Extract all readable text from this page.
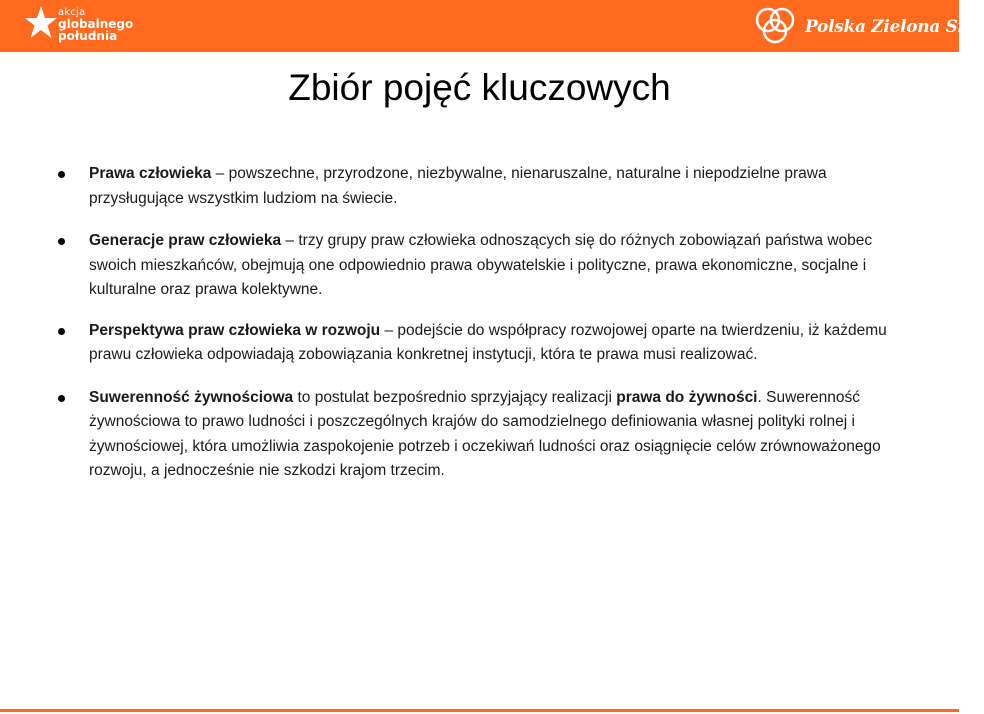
akcja
globalnego
południa	Polska Zielona Sieć
Zbiór pojęć kluczowych
Prawa człowieka – powszechne, przyrodzone, niezbywalne, nienaruszalne, naturalne i niepodzielne prawa przysługujące wszystkim ludziom na świecie.
Generacje praw człowieka – trzy grupy praw człowieka odnoszących się do różnych zobowiązań państwa wobec swoich mieszkańców, obejmują one odpowiednio prawa obywatelskie i polityczne, prawa ekonomiczne, socjalne i kulturalne oraz prawa kolektywne.
Perspektywa praw człowieka w rozwoju – podejście do współpracy rozwojowej oparte na twierdzeniu, iż każdemu prawu człowieka odpowiadają zobowiązania konkretnej instytucji, która te prawa musi realizować.
Suwerenność żywnościowa to postulat bezpośrednio sprzyjający realizacji prawa do żywności. Suwerenność żywnościowa to prawo ludności i poszczególnych krajów do samodzielnego definiowania własnej polityki rolnej i żywnościowej, która umożliwia zaspokojenie potrzeb i oczekiwań ludności oraz osiągnięcie celów zrównoważonego rozwoju, a jednocześnie nie szkodzi krajom trzecim.
